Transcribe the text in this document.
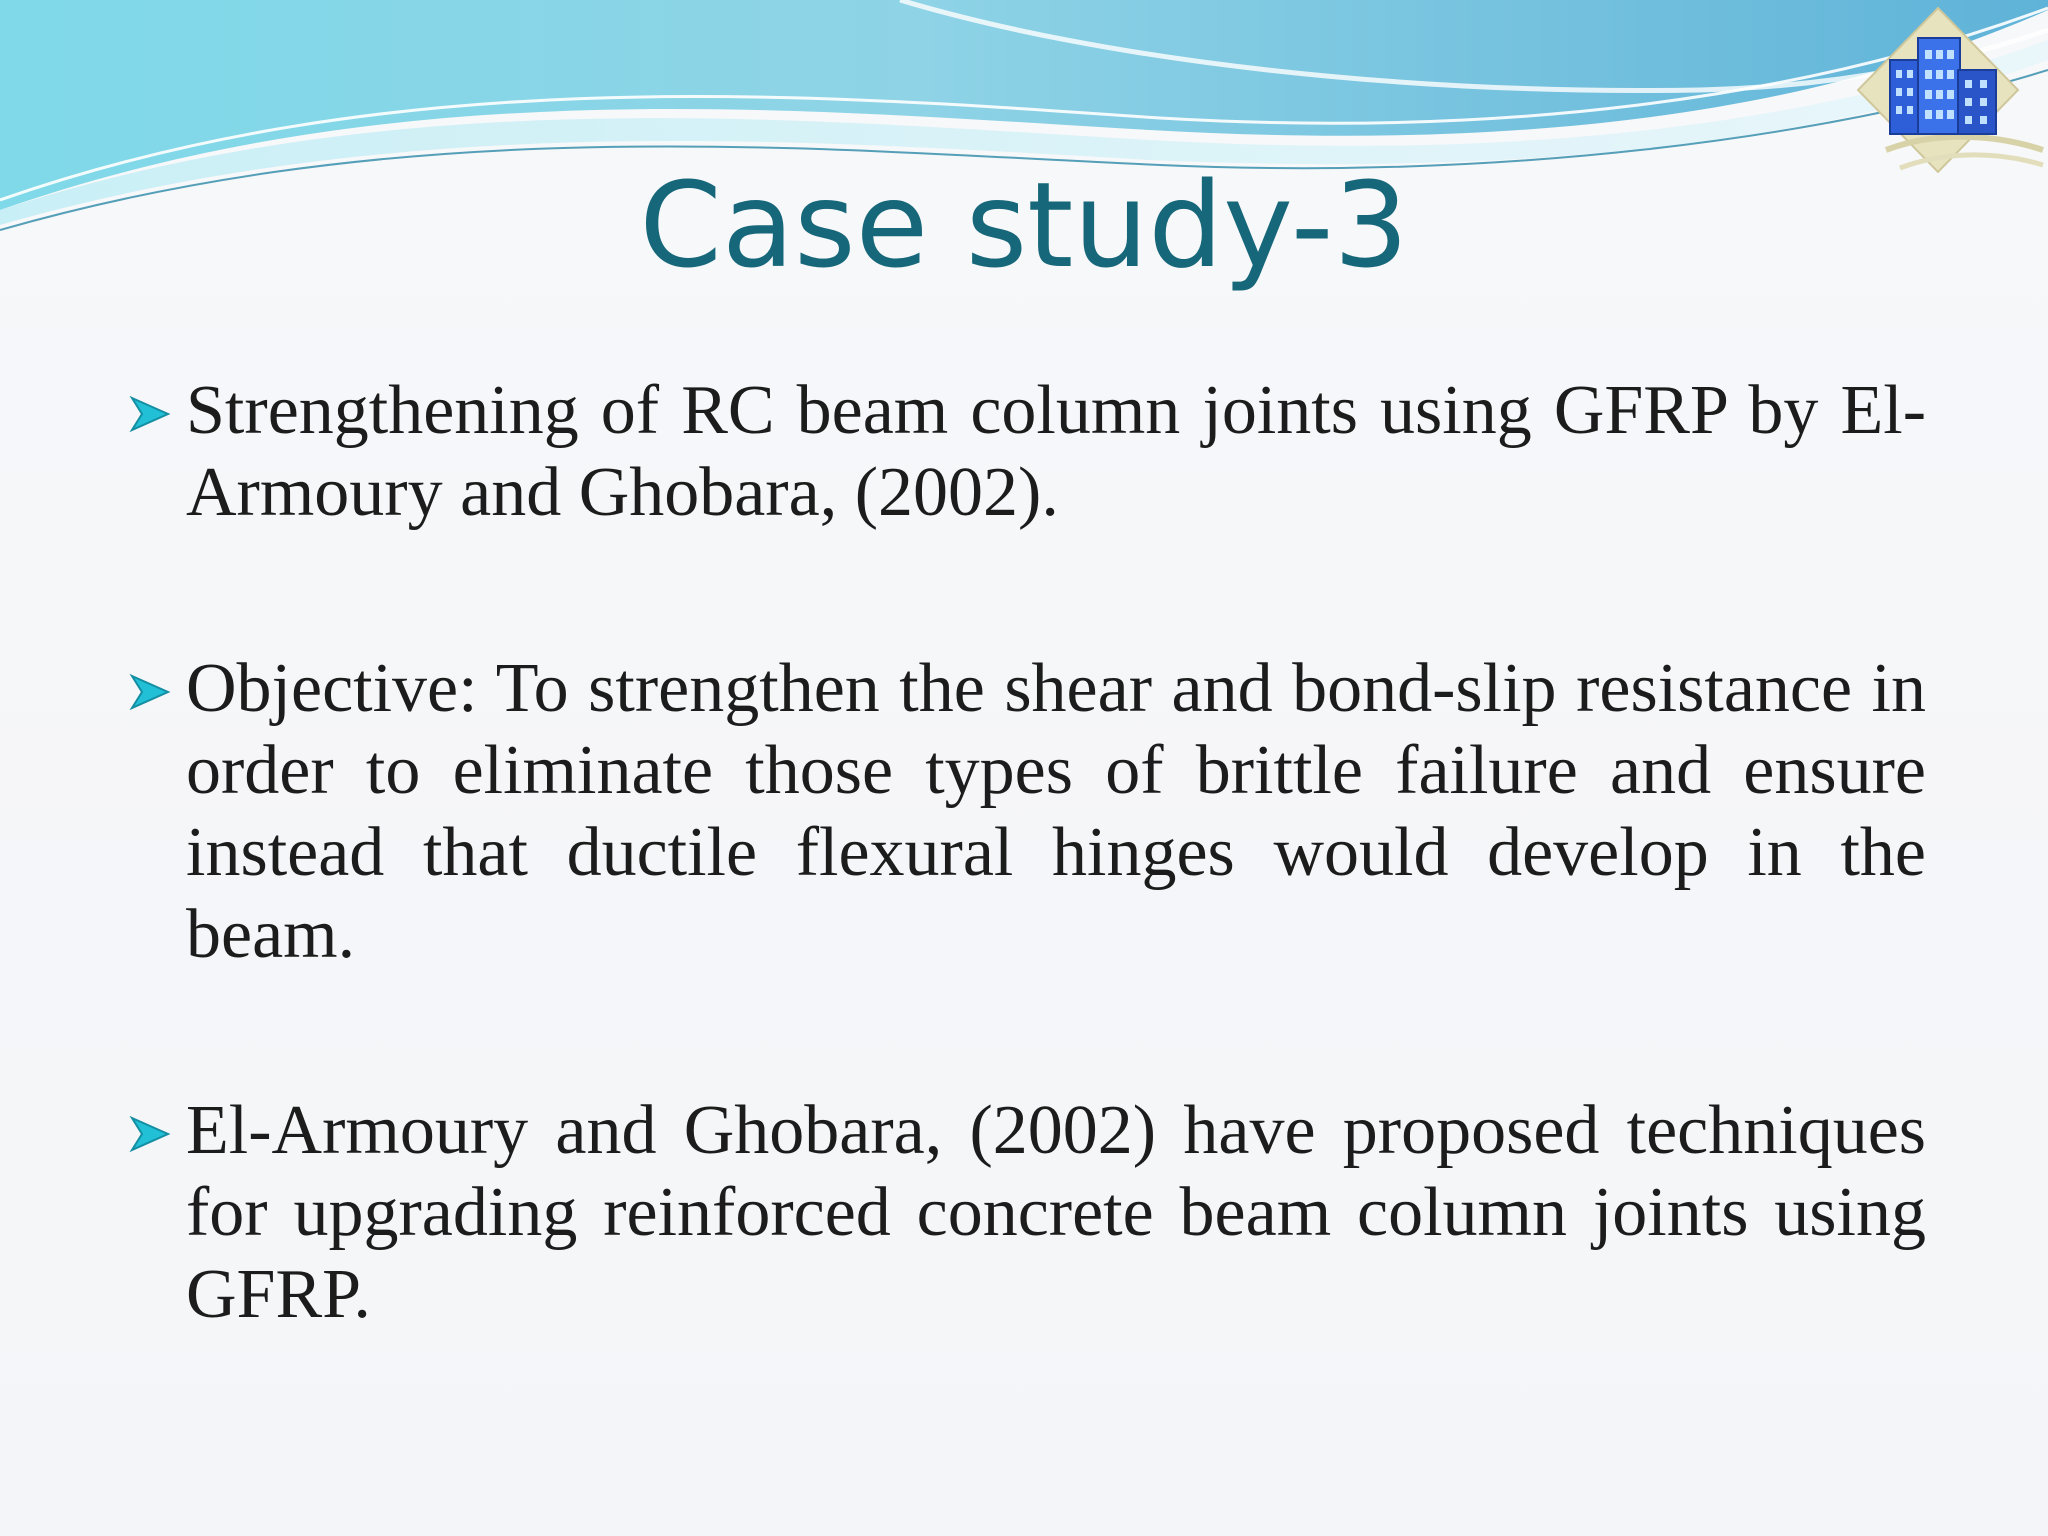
Case study-3
Strengthening of RC beam column joints using GFRP by El-Armoury and Ghobara, (2002).
Objective: To strengthen the shear and bond-slip resistance in order to eliminate those types of brittle failure and ensure instead that ductile flexural hinges would develop in the beam.
El-Armoury and Ghobara, (2002) have proposed techniques for upgrading reinforced concrete beam column joints using GFRP.
